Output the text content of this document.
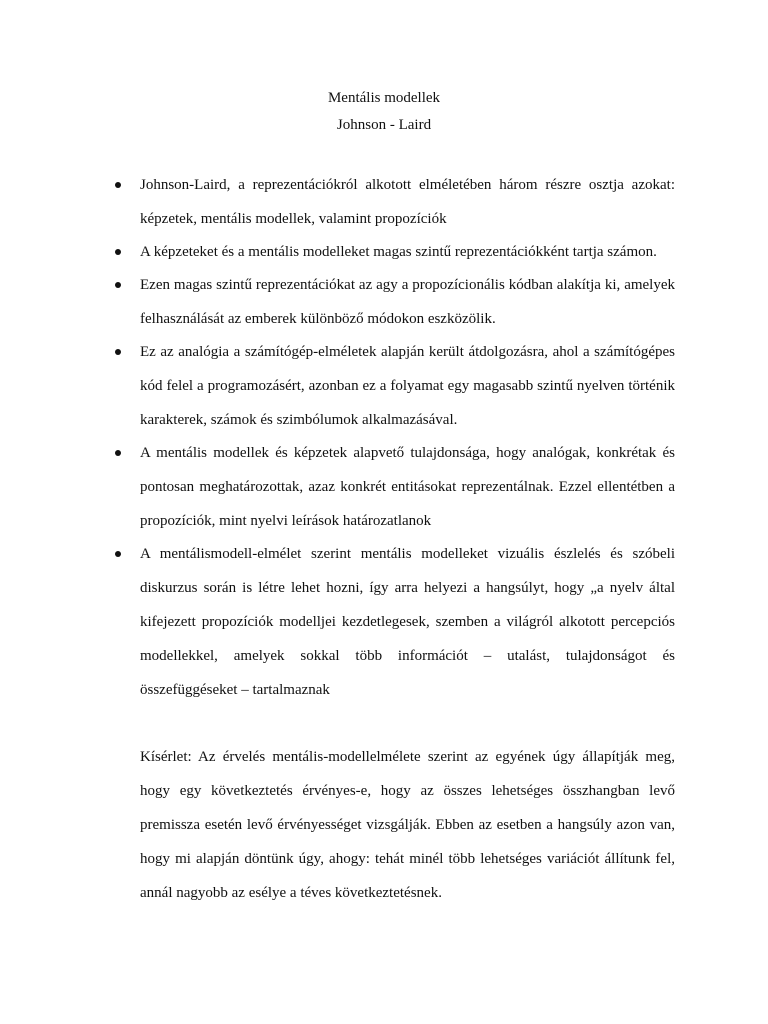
Mentális modellek
Johnson - Laird
Johnson-Laird, a reprezentációkról alkotott elméletében három részre osztja azokat: képzetek, mentális modellek, valamint propozíciók
A képzeteket és a mentális modelleket magas szintű reprezentációkként tartja számon.
Ezen magas szintű reprezentációkat az agy a propozícionális kódban alakítja ki, amelyek felhasználását az emberek különböző módokon eszközölik.
Ez az analógia a számítógép-elméletek alapján került átdolgozásra, ahol a számítógépes kód felel a programozásért, azonban ez a folyamat egy magasabb szintű nyelven történik karakterek, számok és szimbólumok alkalmazásával.
A mentális modellek és képzetek alapvető tulajdonsága, hogy analógak, konkrétak és pontosan meghatározottak, azaz konkrét entitásokat reprezentálnak. Ezzel ellentétben a propozíciók, mint nyelvi leírások határozatlanok
A mentálismodell-elmélet szerint mentális modelleket vizuális észlelés és szóbeli diskurzus során is létre lehet hozni, így arra helyezi a hangsúlyt, hogy „a nyelv által kifejezett propozíciók modelljei kezdetlegesek, szemben a világról alkotott percepciós modellekkel, amelyek sokkal több információt – utalást, tulajdonságot és összefüggéseket – tartalmaznak

Kísérlet: Az érvelés mentális-modellelmélete szerint az egyének úgy állapítják meg, hogy egy következtetés érvényes-e, hogy az összes lehetséges összhangban levő premissza esetén levő érvényességet vizsgálják. Ebben az esetben a hangsúly azon van, hogy mi alapján döntünk úgy, ahogy: tehát minél több lehetséges variációt állítunk fel, annál nagyobb az esélye a téves következtetésnek.
